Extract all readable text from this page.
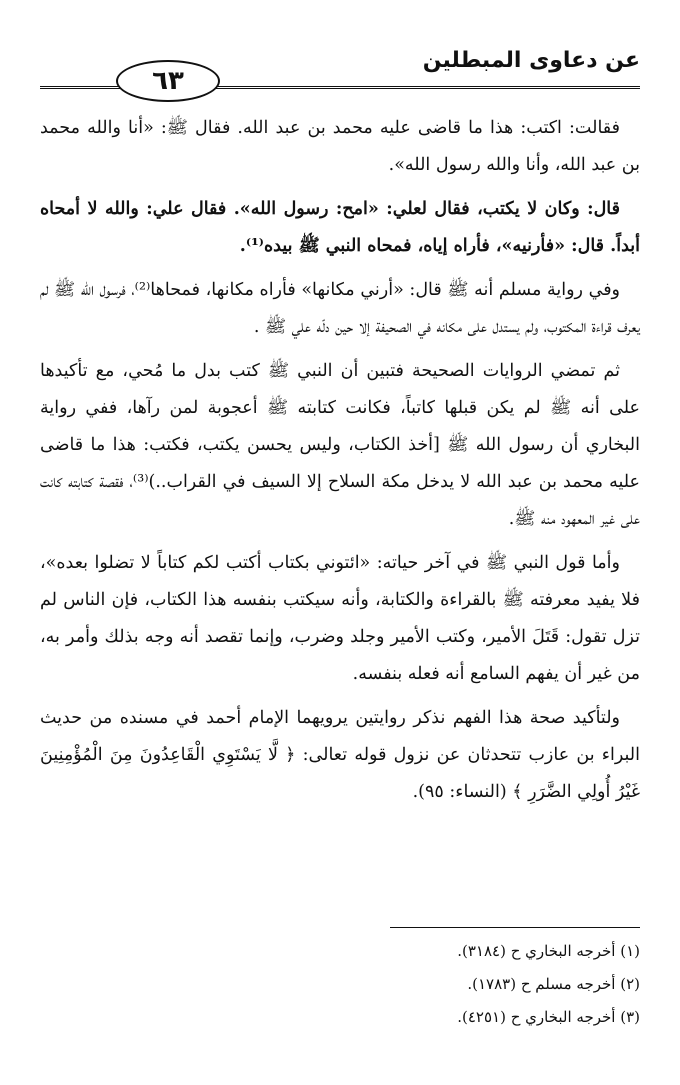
عن دعاوى المبطلين
٦٣

فقالت: اكتب: هذا ما قاضى عليه محمد بن عبد الله. فقال ﷺ: «أنا والله محمد بن عبد الله، وأنا والله رسول الله».

قال: وكان لا يكتب، فقال لعلي: «امح: رسول الله». فقال علي: والله لا أمحاه أبداً. قال: «فأرنيه»، فأراه إياه، فمحاه النبي ﷺ بيده⁽¹⁾.

وفي رواية مسلم أنه ﷺ قال: «أرني مكانها» فأراه مكانها، فمحاها⁽²⁾، فرسول الله ﷺ لم يعرف قراءة المكتوب، ولم يستدل على مكانه في الصحيفة إلا حين دلّه علي ﷺ .

ثم تمضي الروايات الصحيحة فتبين أن النبي ﷺ كتب بدل ما مُحي، مع تأكيدها على أنه ﷺ لم يكن قبلها كاتباً، فكانت كتابته ﷺ أعجوبة لمن رآها، ففي رواية البخاري أن رسول الله ﷺ [أخذ الكتاب، وليس يحسن يكتب، فكتب: هذا ما قاضى عليه محمد بن عبد الله لا يدخل مكة السلاح إلا السيف في القراب..)⁽³⁾، فقصة كتابته كانت على غير المعهود منه ﷺ.

وأما قول النبي ﷺ في آخر حياته: «ائتوني بكتاب أكتب لكم كتاباً لا تضلوا بعده»، فلا يفيد معرفته ﷺ بالقراءة والكتابة، وأنه سيكتب بنفسه هذا الكتاب، فإن الناس لم تزل تقول: قَتَلَ الأمير، وكتب الأمير وجلد وضرب، وإنما تقصد أنه وجه بذلك وأمر به، من غير أن يفهم السامع أنه فعله بنفسه.

ولتأكيد صحة هذا الفهم نذكر روايتين يرويهما الإمام أحمد في مسنده من حديث البراء بن عازب تتحدثان عن نزول قوله تعالى: ﴿ لَّا يَسْتَوِي الْقَاعِدُونَ مِنَ الْمُؤْمِنِينَ غَيْرُ أُولِي الضَّرَرِ ﴾ (النساء: ٩٥).

(١) أخرجه البخاري ح (٣١٨٤).
(٢) أخرجه مسلم ح (١٧٨٣).
(٣) أخرجه البخاري ح (٤٢٥١).
